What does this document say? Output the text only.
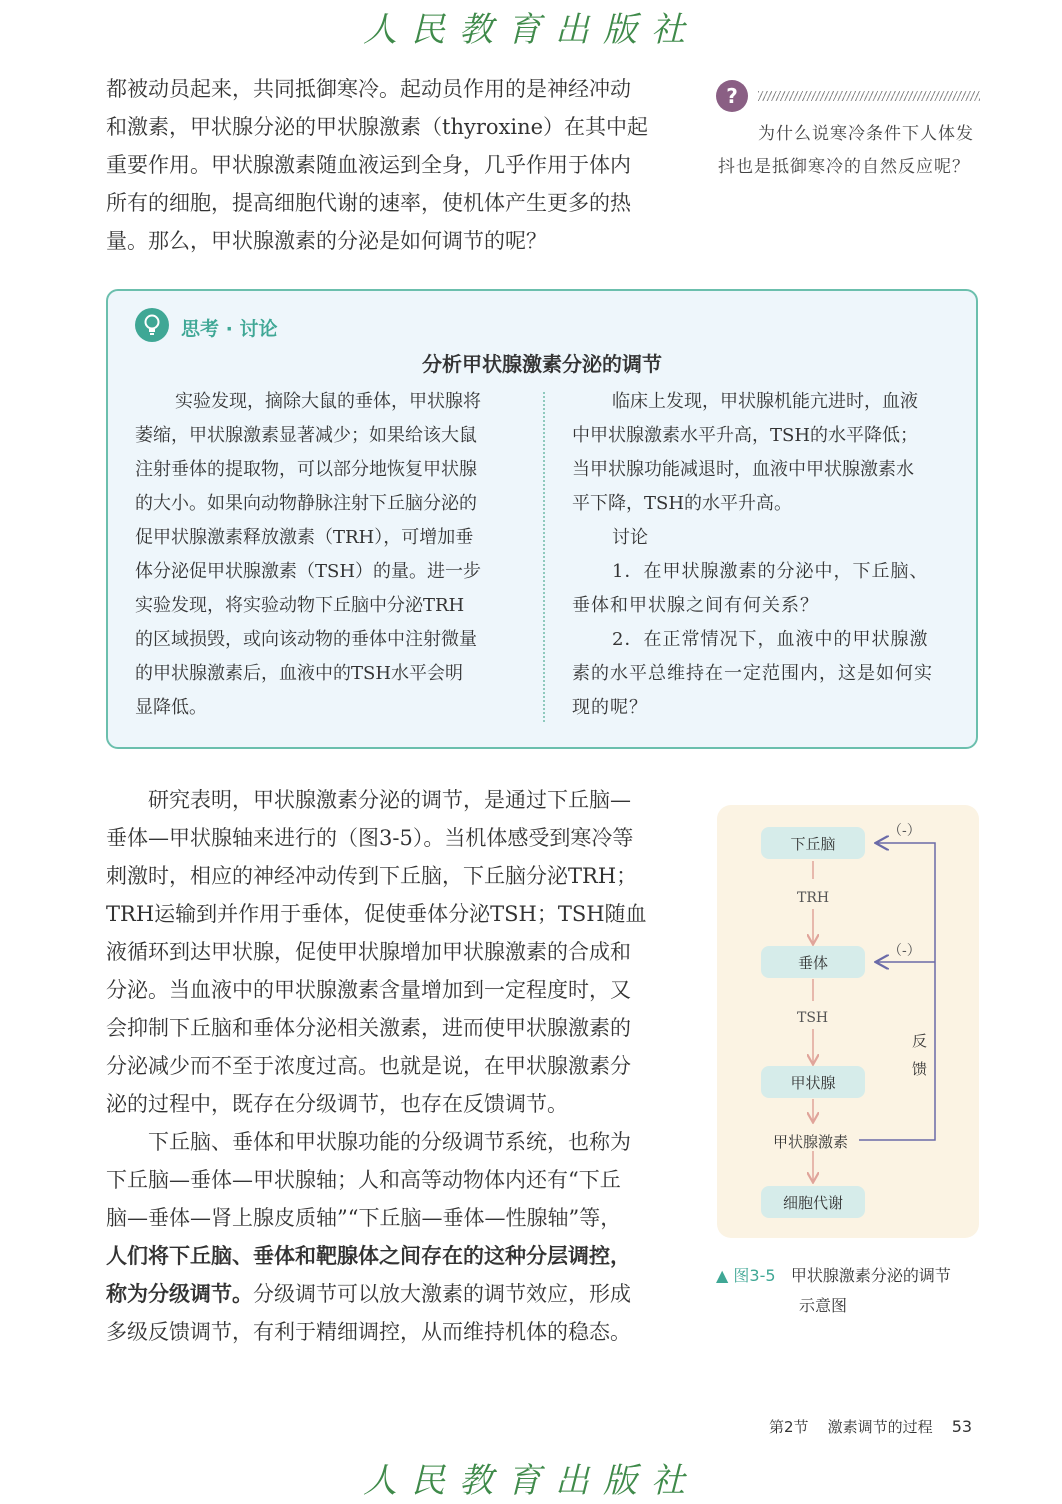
人民教育出版社
都被动员起来，共同抵御寒冷。起动员作用的是神经冲动
和激素，甲状腺分泌的甲状腺激素（thyroxine）在其中起
重要作用。甲状腺激素随血液运到全身，几乎作用于体内
所有的细胞，提高细胞代谢的速率，使机体产生更多的热
量。那么，甲状腺激素的分泌是如何调节的呢？
?
为什么说寒冷条件下人体发
抖也是抵御寒冷的自然反应呢？
思考 · 讨论
分析甲状腺激素分泌的调节

实验发现，摘除大鼠的垂体，甲状腺将

萎缩，甲状腺激素显著减少；如果给该大鼠

注射垂体的提取物，可以部分地恢复甲状腺

的大小。如果向动物静脉注射下丘脑分泌的

促甲状腺激素释放激素（TRH），可增加垂

体分泌促甲状腺激素（TSH）的量。进一步

实验发现，将实验动物下丘脑中分泌TRH

的区域损毁，或向该动物的垂体中注射微量

的甲状腺激素后，血液中的TSH水平会明

显降低。

临床上发现，甲状腺机能亢进时，血液

中甲状腺激素水平升高，TSH的水平降低；

当甲状腺功能减退时，血液中甲状腺激素水

平下降，TSH的水平升高。

讨论

1．在甲状腺激素的分泌中，下丘脑、

垂体和甲状腺之间有何关系？

2．在正常情况下，血液中的甲状腺激

素的水平总维持在一定范围内，这是如何实

现的呢？

研究表明，甲状腺激素分泌的调节，是通过下丘脑—
垂体—甲状腺轴来进行的（图3-5）。当机体感受到寒冷等
刺激时，相应的神经冲动传到下丘脑，下丘脑分泌TRH；
TRH运输到并作用于垂体，促使垂体分泌TSH；TSH随血
液循环到达甲状腺，促使甲状腺增加甲状腺激素的合成和
分泌。当血液中的甲状腺激素含量增加到一定程度时，又
会抑制下丘脑和垂体分泌相关激素，进而使甲状腺激素的
分泌减少而不至于浓度过高。也就是说，在甲状腺激素分
泌的过程中，既存在分级调节，也存在反馈调节。
下丘脑、垂体和甲状腺功能的分级调节系统，也称为
下丘脑—垂体—甲状腺轴；人和高等动物体内还有“下丘
脑—垂体—肾上腺皮质轴”“下丘脑—垂体—性腺轴”等，
人们将下丘脑、垂体和靶腺体之间存在的这种分层调控，
称为分级调节。分级调节可以放大激素的调节效应，形成
多级反馈调节，有利于精细调控，从而维持机体的稳态。
下丘脑
垂体
甲状腺
甲状腺激素
细胞代谢
TRH
TSH
（-）
（-）
反
馈
▲ 图3-5 甲状腺激素分泌的调节
示意图
第2节 激素调节的过程 53
人民教育出版社
